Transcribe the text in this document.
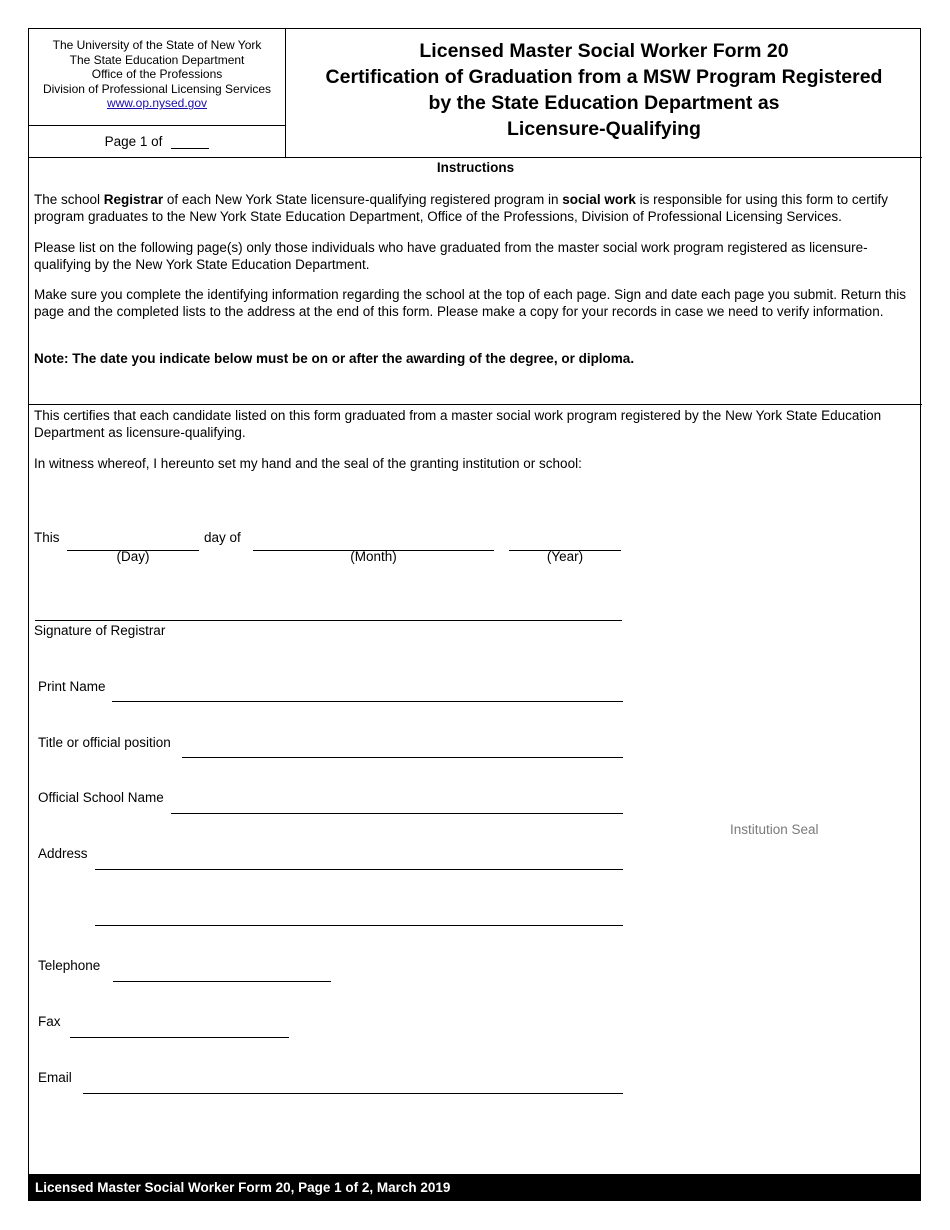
The University of the State of New York
The State Education Department
Office of the Professions
Division of Professional Licensing Services
www.op.nysed.gov
Page 1 of
Licensed Master Social Worker Form 20
Certification of Graduation from a MSW Program Registered
by the State Education Department as
Licensure-Qualifying
Instructions
The school Registrar of each New York State licensure-qualifying registered program in social work is responsible for using this form to certify program graduates to the New York State Education Department, Office of the Professions, Division of Professional Licensing Services.
Please list on the following page(s) only those individuals who have graduated from the master social work program registered as licensure-qualifying by the New York State Education Department.
Make sure you complete the identifying information regarding the school at the top of each page. Sign and date each page you submit. Return this page and the completed lists to the address at the end of this form. Please make a copy for your records in case we need to verify information.
Note: The date you indicate below must be on or after the awarding of the degree, or diploma.
This certifies that each candidate listed on this form graduated from a master social work program registered by the New York State Education Department as licensure-qualifying.
In witness whereof, I hereunto set my hand and the seal of the granting institution or school:
This	day of
(Day)	(Month)	(Year)
Signature of Registrar
Print Name
Title or official position
Official School Name
Institution Seal
Address
Telephone
Fax
Email
Licensed Master Social Worker Form 20, Page 1 of 2, March 2019
